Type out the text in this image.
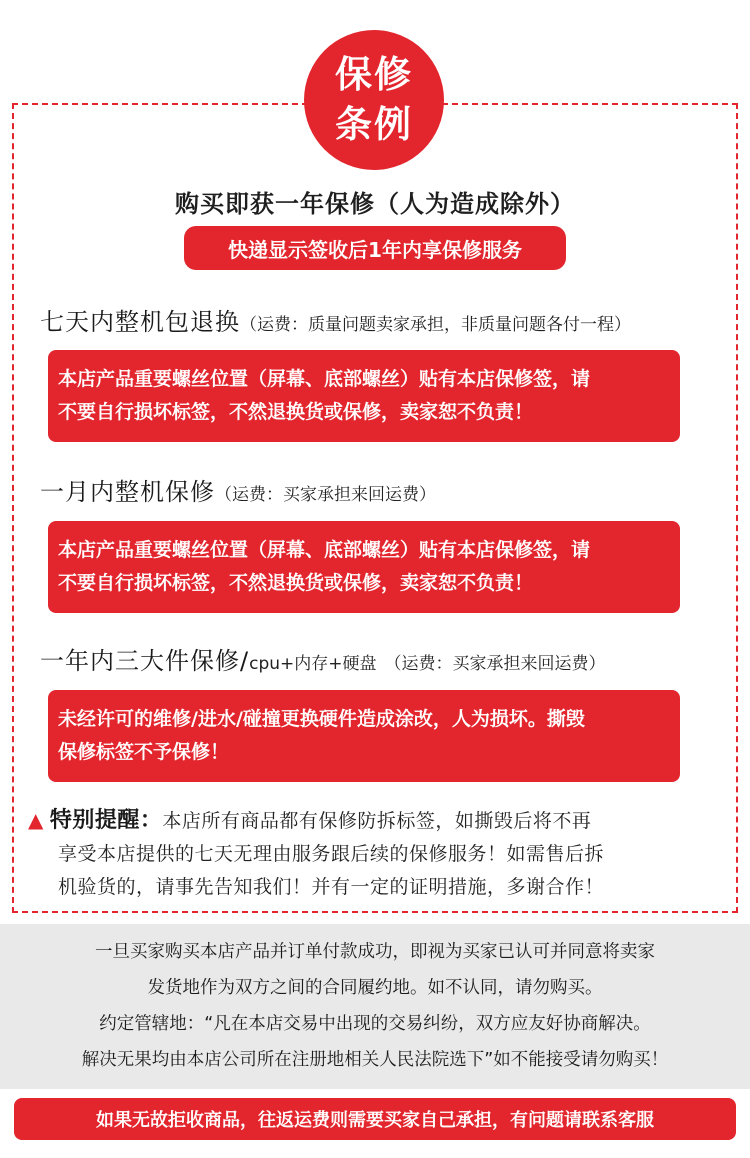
保修
条例
购买即获一年保修（人为造成除外）
快递显示签收后1年内享保修服务
七天内整机包退换（运费：质量问题卖家承担，非质量问题各付一程）
本店产品重要螺丝位置（屏幕、底部螺丝）贴有本店保修签，请
不要自行损坏标签，不然退换货或保修，卖家恕不负责！
一月内整机保修（运费：买家承担来回运费）
本店产品重要螺丝位置（屏幕、底部螺丝）贴有本店保修签，请
不要自行损坏标签，不然退换货或保修，卖家恕不负责！
一年内三大件保修/cpu+内存+硬盘 （运费：买家承担来回运费）
未经许可的维修/进水/碰撞更换硬件造成涂改，人为损坏。撕毁
保修标签不予保修！
▲ 特别提醒：本店所有商品都有保修防拆标签，如撕毁后将不再
享受本店提供的七天无理由服务跟后续的保修服务！如需售后拆
机验货的，请事先告知我们！并有一定的证明措施，多谢合作！
一旦买家购买本店产品并订单付款成功，即视为买家已认可并同意将卖家
发货地作为双方之间的合同履约地。如不认同，请勿购买。
约定管辖地：“凡在本店交易中出现的交易纠纷，双方应友好协商解决。
解决无果均由本店公司所在注册地相关人民法院选下”如不能接受请勿购买！
如果无故拒收商品，往返运费则需要买家自己承担，有问题请联系客服
